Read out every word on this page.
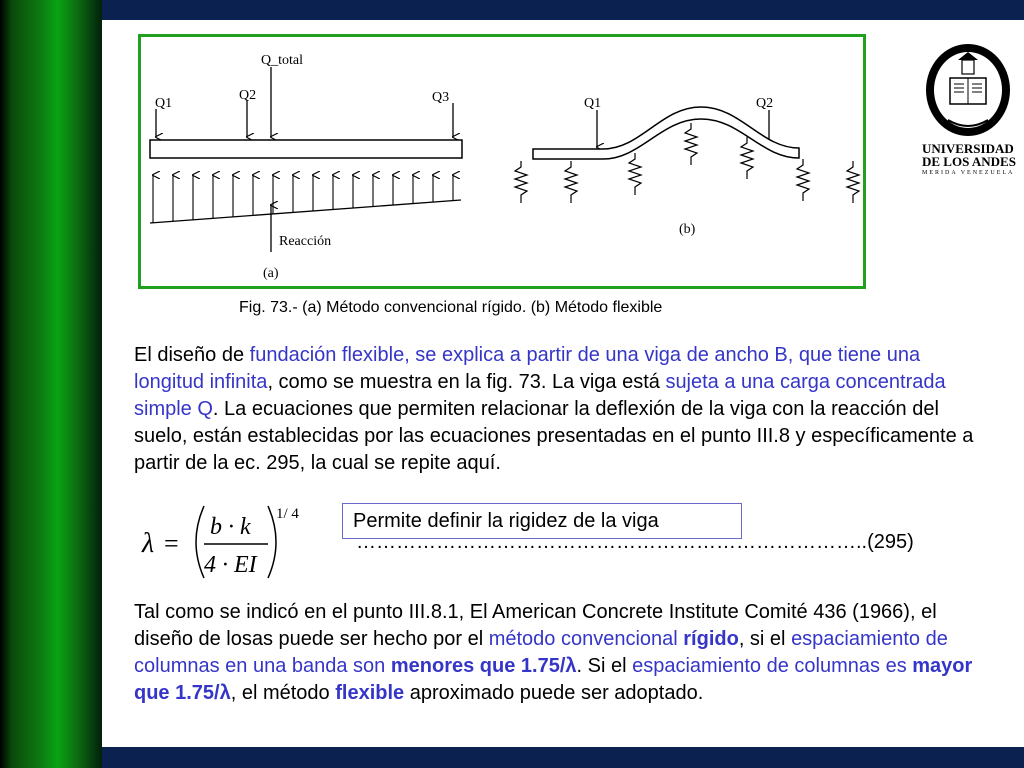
Q_total
Q1
Q2	Q3
Reacción
(a)
Q1	Q2
(b)
Fig. 73.- (a) Método convencional rígido. (b) Método flexible
UNIVERSIDAD
DE LOS ANDES
MERIDA VENEZUELA
El diseño de fundación flexible, se explica a partir de una viga de ancho B, que tiene una longitud infinita, como se muestra en la fig. 73. La viga está sujeta a una carga concentrada simple Q. La ecuaciones que permiten relacionar la deflexión de la viga con la reacción del suelo, están establecidas por las ecuaciones presentadas en el punto III.8 y específicamente a partir de la ec. 295, la cual se repite aquí.
λ =
b · k
4 · EI
1/ 4	Permite definir la rigidez de la viga
…………………………………………………………………..(295)
Tal como se indicó en el punto III.8.1, El American Concrete Institute Comité 436 (1966), el diseño de losas puede ser hecho por el método convencional rígido, si el espaciamiento de columnas en una banda son menores que 1.75/λ. Si el espaciamiento de columnas es mayor que 1.75/λ, el método flexible aproximado puede ser adoptado.
